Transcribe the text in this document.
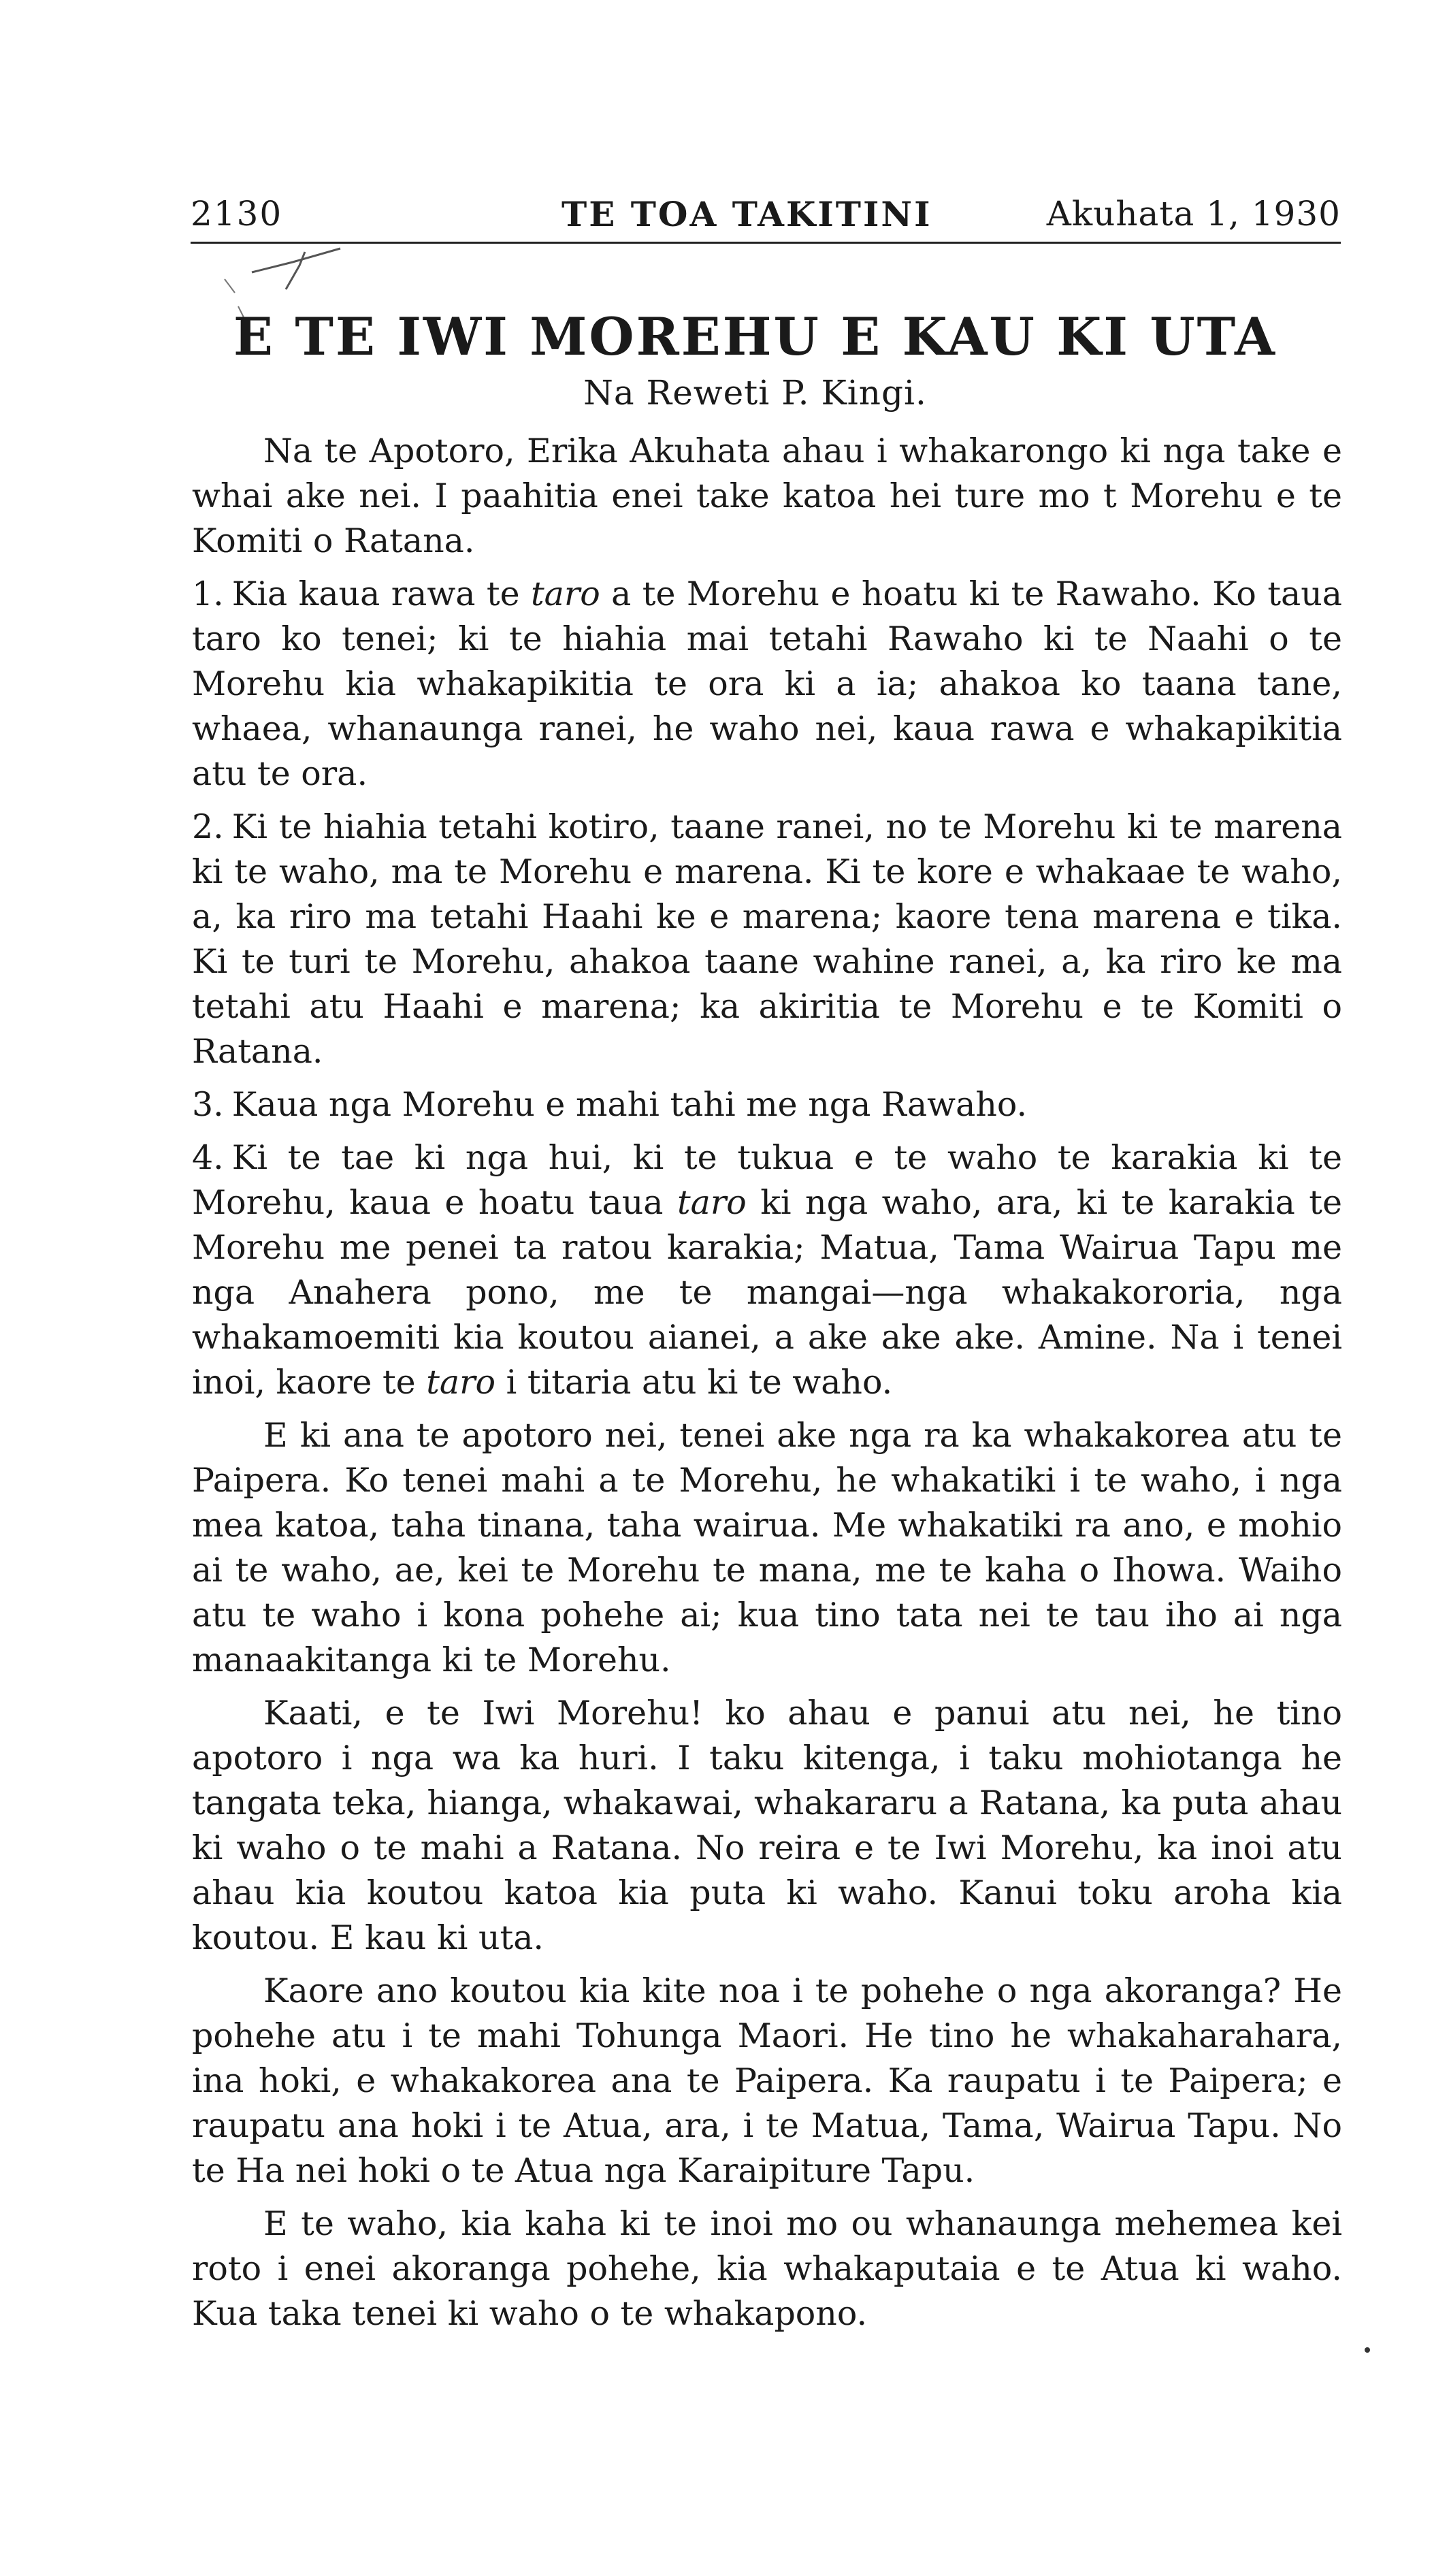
2130	TE TOA TAKITINI	Akuhata 1, 1930
E TE IWI MOREHU E KAU KI UTA
Na Reweti P. Kingi.

Na te Apotoro, Erika Akuhata ahau i whakarongo ki nga take e whai ake nei. I paahitia enei take katoa hei ture mo t Morehu e te Komiti o Ratana.

1. Kia kaua rawa te taro a te Morehu e hoatu ki te Rawaho. Ko taua taro ko tenei; ki te hiahia mai tetahi Rawaho ki te Naahi o te Morehu kia whakapikitia te ora ki a ia; ahakoa ko taana tane, whaea, whanaunga ranei, he waho nei, kaua rawa e whakapikitia atu te ora.

2. Ki te hiahia tetahi kotiro, taane ranei, no te Morehu ki te marena ki te waho, ma te Morehu e marena. Ki te kore e whakaae te waho, a, ka riro ma tetahi Haahi ke e marena; kaore tena marena e tika. Ki te turi te Morehu, ahakoa taane wahine ranei, a, ka riro ke ma tetahi atu Haahi e marena; ka akiritia te Morehu e te Komiti o Ratana.

3. Kaua nga Morehu e mahi tahi me nga Rawaho.

4. Ki te tae ki nga hui, ki te tukua e te waho te karakia ki te Morehu, kaua e hoatu taua taro ki nga waho, ara, ki te karakia te Morehu me penei ta ratou karakia; Matua, Tama Wairua Tapu me nga Anahera pono, me te mangai—nga whakakororia, nga whakamoemiti kia koutou aianei, a ake ake ake. Amine. Na i tenei inoi, kaore te taro i titaria atu ki te waho.

E ki ana te apotoro nei, tenei ake nga ra ka whakakorea atu te Paipera. Ko tenei mahi a te Morehu, he whakatiki i te waho, i nga mea katoa, taha tinana, taha wairua. Me whakatiki ra ano, e mohio ai te waho, ae, kei te Morehu te mana, me te kaha o Ihowa. Waiho atu te waho i kona pohehe ai; kua tino tata nei te tau iho ai nga manaakitanga ki te Morehu.

Kaati, e te Iwi Morehu! ko ahau e panui atu nei, he tino apotoro i nga wa ka huri. I taku kitenga, i taku mohiotanga he tangata teka, hianga, whakawai, whakararu a Ratana, ka puta ahau ki waho o te mahi a Ratana. No reira e te Iwi Morehu, ka inoi atu ahau kia koutou katoa kia puta ki waho. Kanui toku aroha kia koutou. E kau ki uta.

Kaore ano koutou kia kite noa i te pohehe o nga akoranga? He pohehe atu i te mahi Tohunga Maori. He tino he whakaharahara, ina hoki, e whakakorea ana te Paipera. Ka raupatu i te Paipera; e raupatu ana hoki i te Atua, ara, i te Matua, Tama, Wairua Tapu. No te Ha nei hoki o te Atua nga Karaipiture Tapu.

E te waho, kia kaha ki te inoi mo ou whanaunga mehemea kei roto i enei akoranga pohehe, kia whakaputaia e te Atua ki waho. Kua taka tenei ki waho o te whakapono.
